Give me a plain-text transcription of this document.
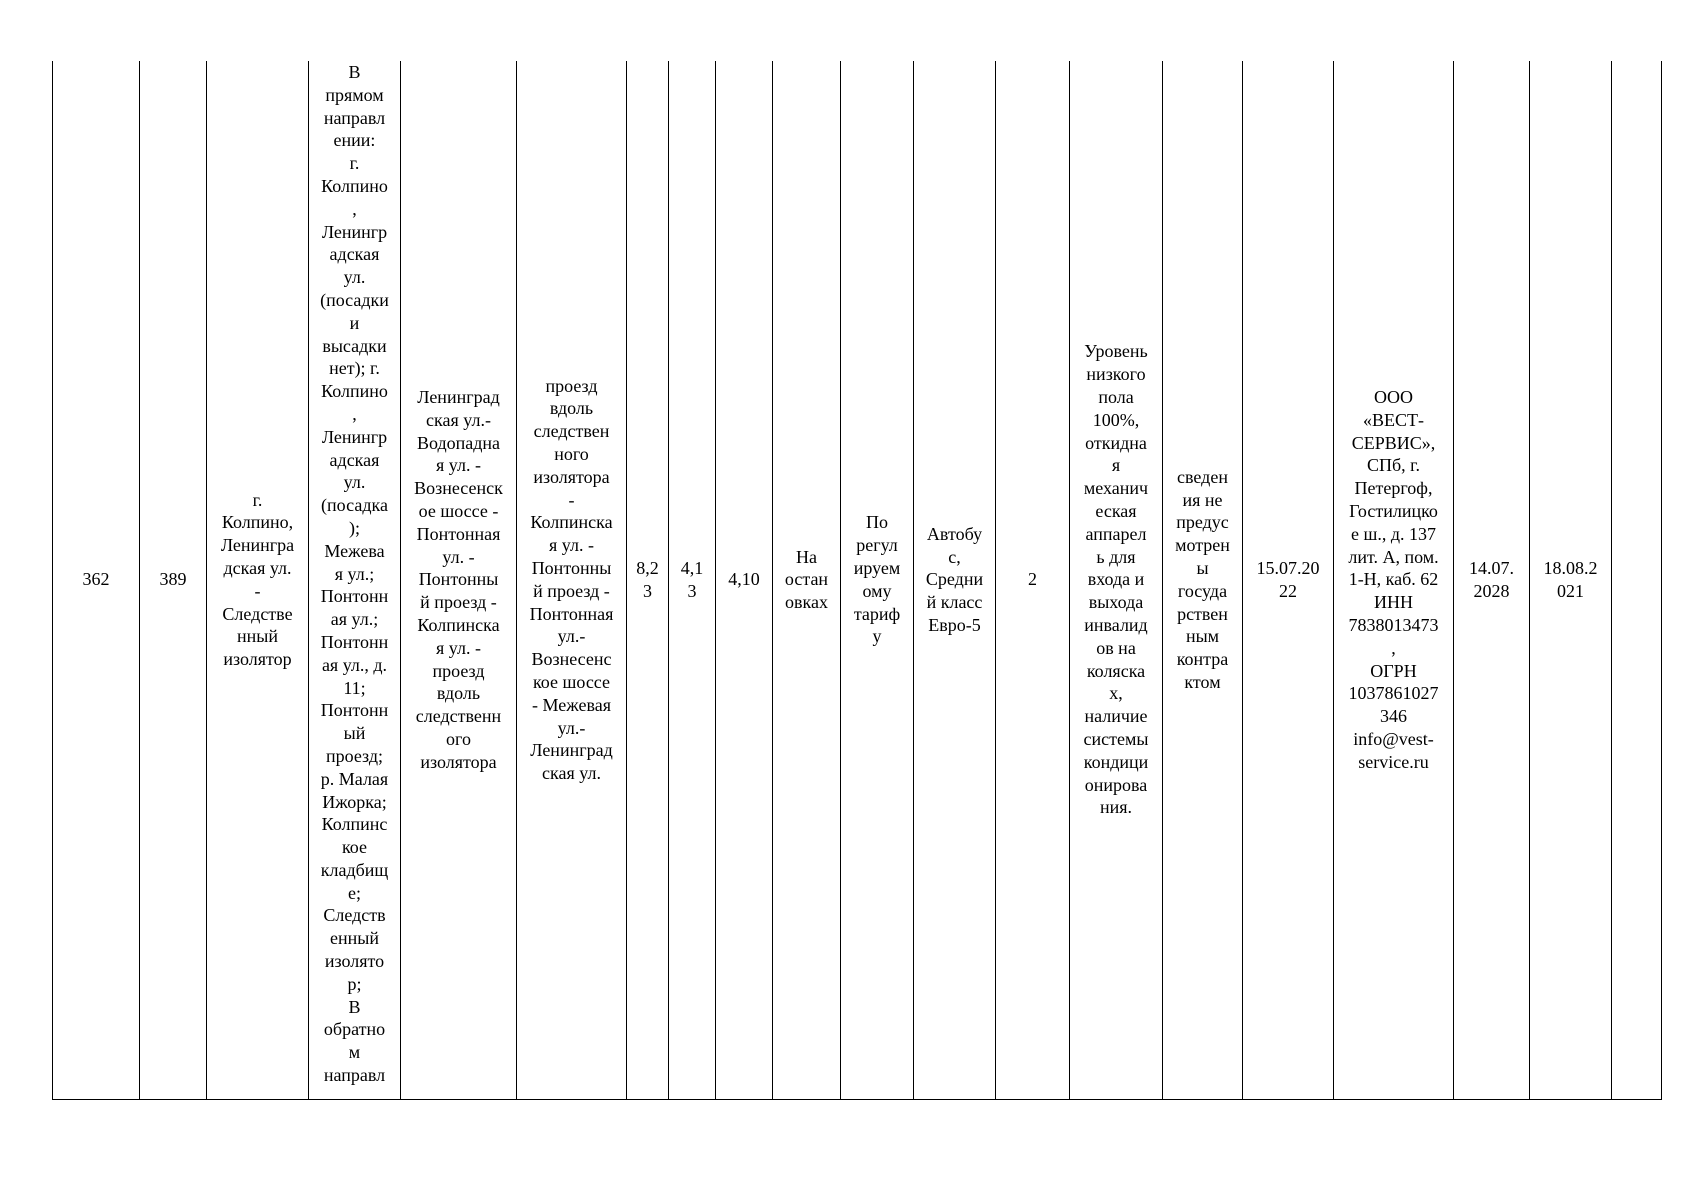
362	389	г.
Колпино,
Ленингра
дская ул.
-
Следстве
нный
изолятор	В
прямом
направл
ении:
г.
Колпино
,
Ленингр
адская
ул.
(посадки
и
высадки
нет); г.
Колпино
,
Ленингр
адская
ул.
(посадка
);
Межева
я ул.;
Понтонн
ая ул.;
Понтонн
ая ул., д.
11;
Понтонн
ый
проезд;
р. Малая
Ижорка;
Колпинс
кое
кладбищ
е;
Следств
енный
изолято
р;
В
обратно
м
направл	Ленинград
ская ул.-
Водопадна
я ул. -
Вознесенск
ое шоссе -
Понтонная
ул. -
Понтонны
й проезд -
Колпинска
я ул. -
проезд
вдоль
следственн
ого
изолятора	проезд
вдоль
следствен
ного
изолятора
-
Колпинска
я ул. -
Понтонны
й проезд -
Понтонная
ул.-
Вознесенс
кое шоссе
- Межевая
ул.-
Ленинград
ская ул.	8,2
3	4,1
3	4,10	На
остан
овках	По
регул
ируем
ому
тариф
у	Автобу
с,
Средни
й класс
Евро-5	2	Уровень
низкого
пола
100%,
откидна
я
механич
еская
аппарел
ь для
входа и
выхода
инвалид
ов на
коляска
х,
наличие
системы
кондици
онирова
ния.	сведен
ия не
предус
мотрен
ы
госуда
рствен
ным
контра
ктом	15.07.20
22	ООО
«ВЕСТ-
СЕРВИС»,
СПб, г.
Петергоф,
Гостилицко
е ш., д. 137
лит. А, пом.
1-Н, каб. 62
ИНН
7838013473
,
ОГРН
1037861027
346
info@vest-
service.ru	14.07.
2028	18.08.2
021	
